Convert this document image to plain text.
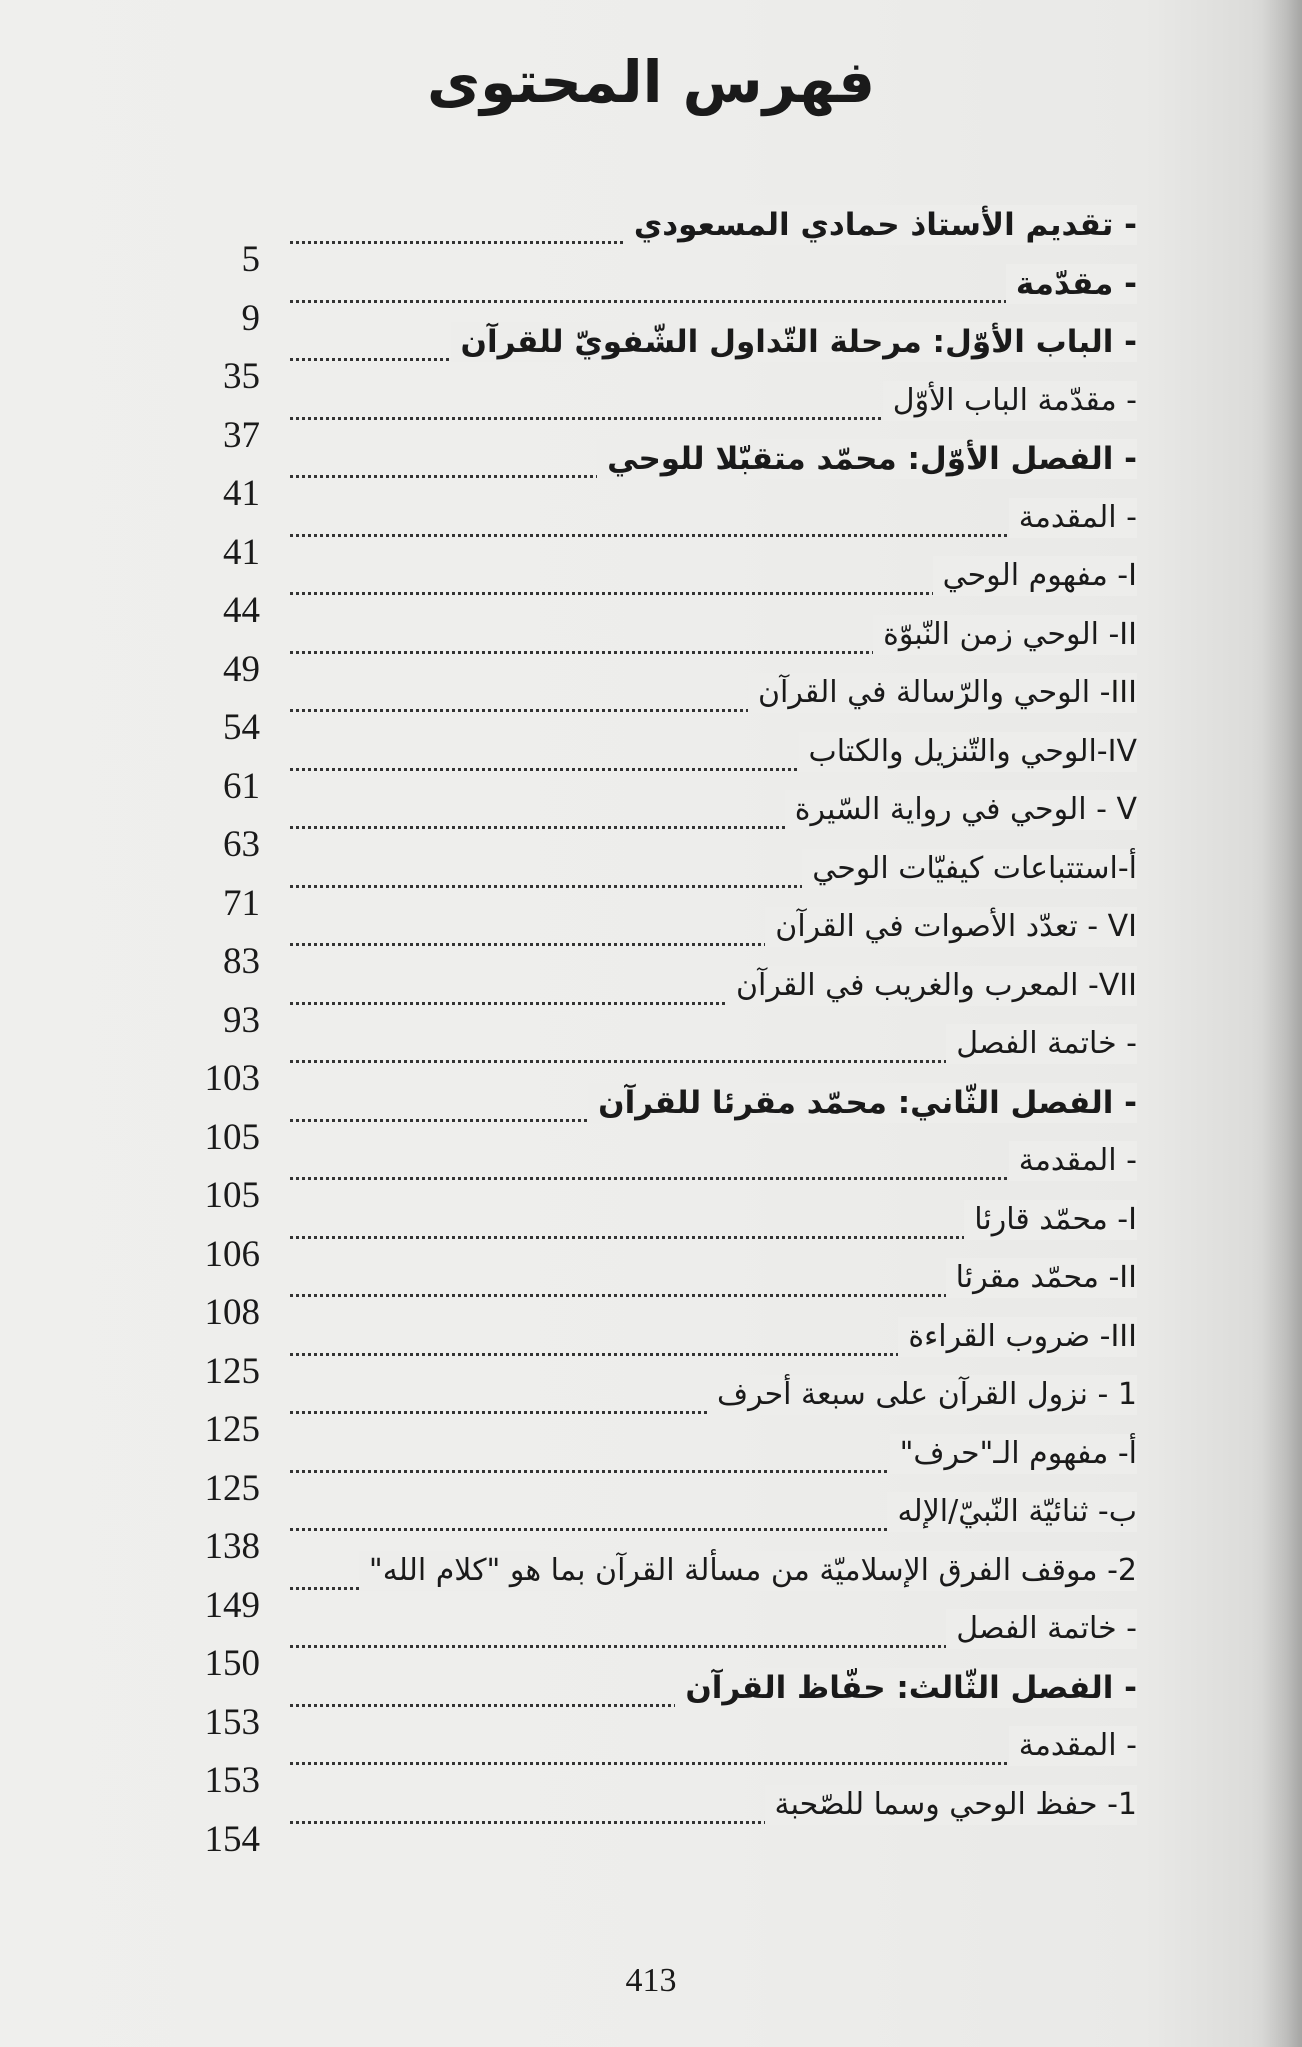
فهرس المحتوى
- تقديم الأستاذ حمادي المسعودي
5
- مقدّمة
9
- الباب الأوّل: مرحلة التّداول الشّفويّ للقرآن
35
- مقدّمة الباب الأوّل
37
- الفصل الأوّل: محمّد متقبّلا للوحي
41
- المقدمة
41
I- مفهوم الوحي
44
II- الوحي زمن النّبوّة
49
III- الوحي والرّسالة في القرآن
54
IV-الوحي والتّنزيل والكتاب
61
V - الوحي في رواية السّيرة
63
أ-استتباعات كيفيّات الوحي
71
VI - تعدّد الأصوات في القرآن
83
VII- المعرب والغريب في القرآن
93
- خاتمة الفصل
103
- الفصل الثّاني: محمّد مقرئا للقرآن
105
- المقدمة
105
I- محمّد قارئا
106
II- محمّد مقرئا
108
III- ضروب القراءة
125
1 - نزول القرآن على سبعة أحرف
125
أ- مفهوم الـ"حرف"
125
ب- ثنائيّة النّبيّ/الإله
138
2- موقف الفرق الإسلاميّة من مسألة القرآن بما هو "كلام الله"
149
- خاتمة الفصل
150
- الفصل الثّالث: حفّاظ القرآن
153
- المقدمة
153
1- حفظ الوحي وسما للصّحبة
154
413
